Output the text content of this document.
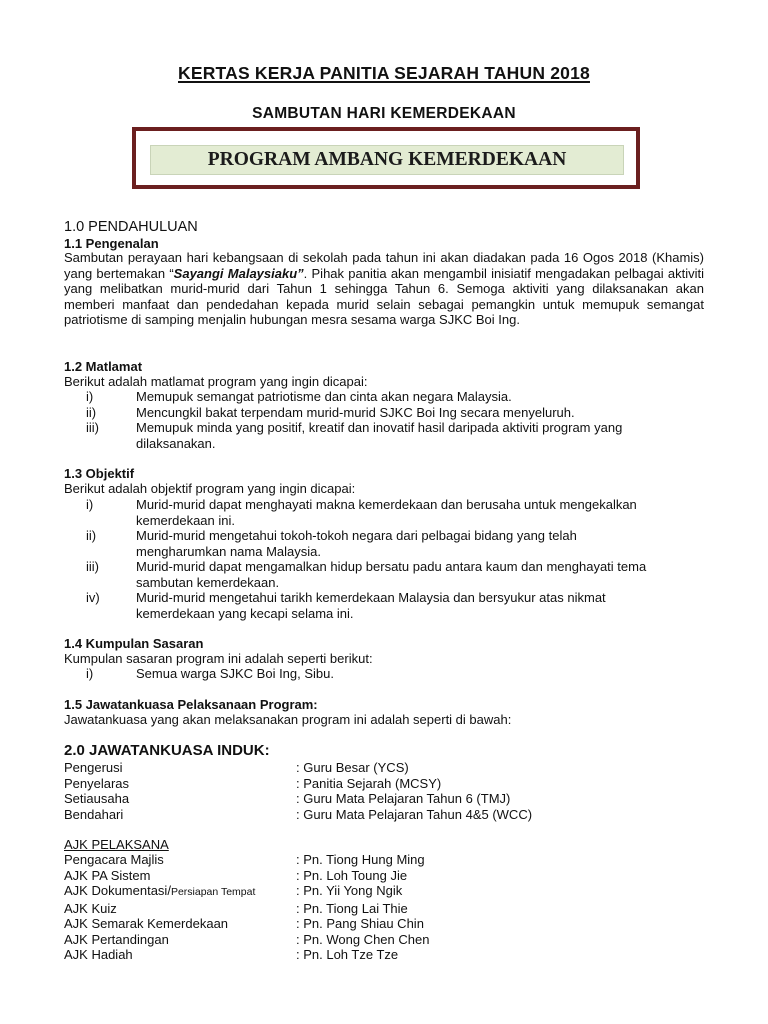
KERTAS KERJA PANITIA SEJARAH TAHUN 2018
SAMBUTAN HARI KEMERDEKAAN
PROGRAM AMBANG KEMERDEKAAN
1.0 PENDAHULUAN
1.1 Pengenalan
Sambutan perayaan hari kebangsaan di sekolah pada tahun ini akan diadakan pada 16 Ogos 2018 (Khamis) yang bertemakan “Sayangi Malaysiaku”. Pihak panitia akan mengambil inisiatif mengadakan pelbagai aktiviti yang melibatkan murid-murid dari Tahun 1 sehingga Tahun 6. Semoga aktiviti yang dilaksanakan akan memberi manfaat dan pendedahan kepada murid selain sebagai pemangkin untuk memupuk semangat patriotisme di samping menjalin hubungan mesra sesama warga SJKC Boi Ing.
1.2 Matlamat
Berikut adalah matlamat program yang ingin dicapai:
i)	Memupuk semangat patriotisme dan cinta akan negara Malaysia.
ii)	Mencungkil bakat terpendam murid-murid SJKC Boi Ing secara menyeluruh.
iii)	Memupuk minda yang positif, kreatif dan inovatif hasil daripada aktiviti program yang dilaksanakan.
1.3 Objektif
Berikut adalah objektif program yang ingin dicapai:
i)	Murid-murid dapat menghayati makna kemerdekaan dan berusaha untuk mengekalkan kemerdekaan ini.
ii)	Murid-murid mengetahui tokoh-tokoh negara dari pelbagai bidang yang telah mengharumkan nama Malaysia.
iii)	Murid-murid dapat mengamalkan hidup bersatu padu antara kaum dan menghayati tema sambutan kemerdekaan.
iv)	Murid-murid mengetahui tarikh kemerdekaan Malaysia dan bersyukur atas nikmat kemerdekaan yang kecapi selama ini.
1.4 Kumpulan Sasaran
Kumpulan sasaran program ini adalah seperti berikut:
i)	Semua warga SJKC Boi Ing, Sibu.
1.5 Jawatankuasa Pelaksanaan Program:
Jawatankuasa yang akan melaksanakan program ini adalah seperti di bawah:
2.0 JAWATANKUASA INDUK:
Pengerusi	: Guru Besar (YCS)
Penyelaras	: Panitia Sejarah (MCSY)
Setiausaha	: Guru Mata Pelajaran Tahun 6 (TMJ)
Bendahari	: Guru Mata Pelajaran Tahun 4&5 (WCC)
AJK PELAKSANA
Pengacara Majlis	: Pn. Tiong Hung Ming
AJK PA Sistem	: Pn. Loh Toung Jie
AJK Dokumentasi/Persiapan Tempat	: Pn. Yii Yong Ngik
AJK Kuiz	: Pn. Tiong Lai Thie
AJK Semarak Kemerdekaan	: Pn. Pang Shiau Chin
AJK Pertandingan	: Pn. Wong Chen Chen
AJK Hadiah	: Pn. Loh Tze Tze
